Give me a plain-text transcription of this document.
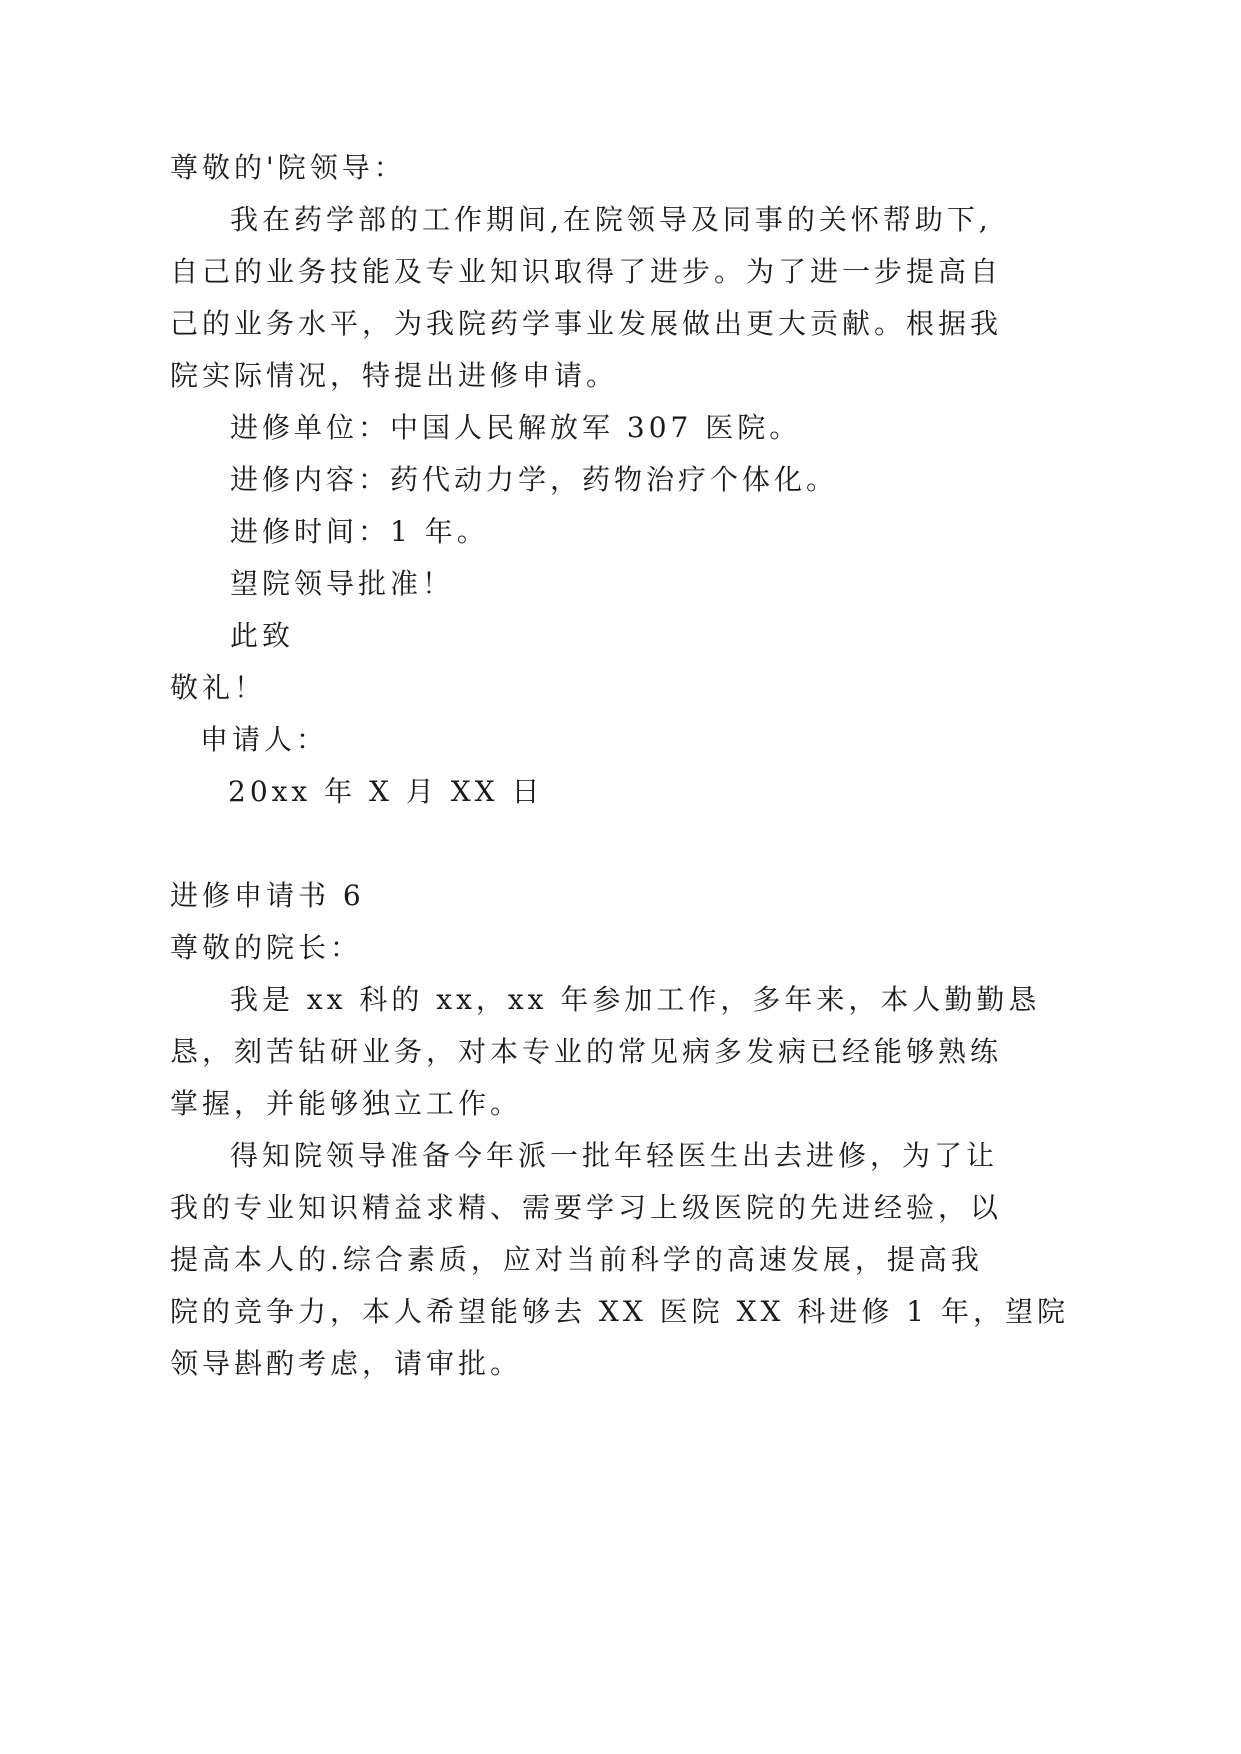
尊敬的'院领导：
我在药学部的工作期间,在院领导及同事的关怀帮助下,
自己的业务技能及专业知识取得了进步。为了进一步提高自
己的业务水平，为我院药学事业发展做出更大贡献。根据我
院实际情况，特提出进修申请。
进修单位：中国人民解放军 307 医院。
进修内容：药代动力学，药物治疗个体化。
进修时间：1 年。
望院领导批准！
此致
敬礼！
申请人：
20xx 年 X 月 XX 日
进修申请书 6
尊敬的院长：
我是 xx 科的 xx，xx 年参加工作，多年来，本人勤勤恳
恳，刻苦钻研业务，对本专业的常见病多发病已经能够熟练
掌握，并能够独立工作。
得知院领导准备今年派一批年轻医生出去进修，为了让
我的专业知识精益求精、需要学习上级医院的先进经验，以
提高本人的.综合素质，应对当前科学的高速发展，提高我
院的竞争力，本人希望能够去 XX 医院 XX 科进修 1 年，望院
领导斟酌考虑，请审批。
